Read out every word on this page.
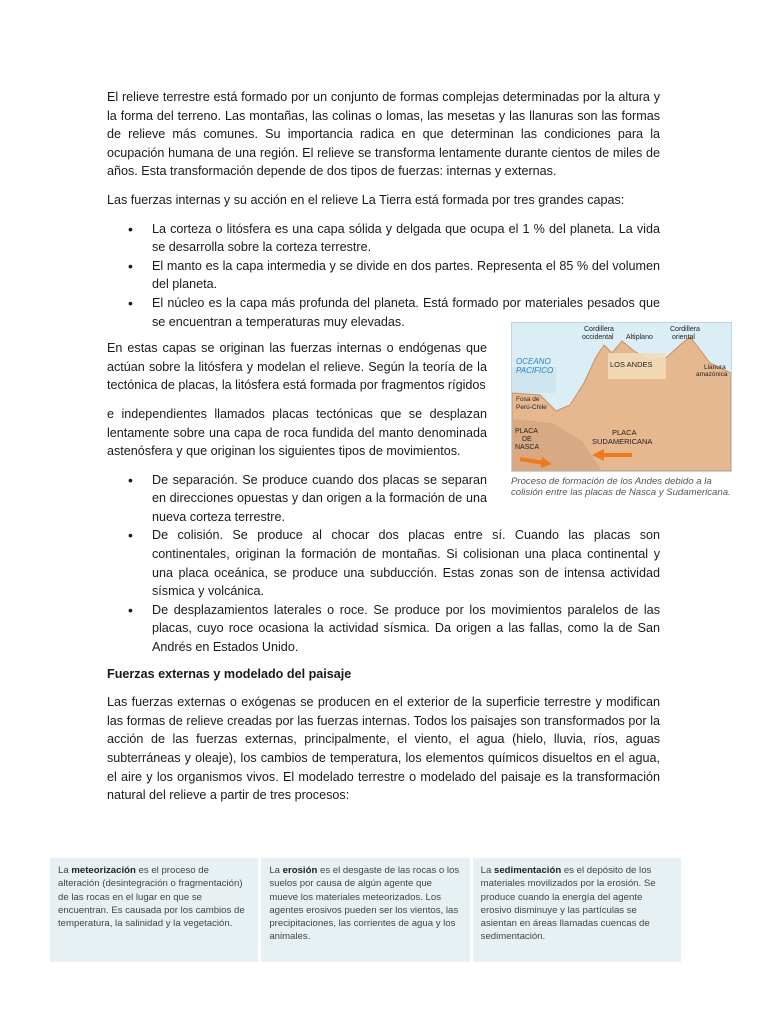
El relieve terrestre está formado por un conjunto de formas complejas determinadas por la altura y la forma del terreno. Las montañas, las colinas o lomas, las mesetas y las llanuras son las formas de relieve más comunes. Su importancia radica en que determinan las condiciones para la ocupación humana de una región. El relieve se transforma lentamente durante cientos de miles de años. Esta transformación depende de dos tipos de fuerzas: internas y externas.

Las fuerzas internas y su acción en el relieve La Tierra está formada por tres grandes capas:

• La corteza o litósfera es una capa sólida y delgada que ocupa el 1 % del planeta. La vida se desarrolla sobre la corteza terrestre.
• El manto es la capa intermedia y se divide en dos partes. Representa el 85 % del volumen del planeta.
• El núcleo es la capa más profunda del planeta. Está formado por materiales pesados que se encuentran a temperaturas muy elevadas.

En estas capas se originan las fuerzas internas o endógenas que actúan sobre la litósfera y modelan el relieve. Según la teoría de la tectónica de placas, la litósfera está formada por fragmentos rígidos

e independientes llamados placas tectónicas que se desplazan lentamente sobre una capa de roca fundida del manto denominada astenósfera y que originan los siguientes tipos de movimientos.

• De separación. Se produce cuando dos placas se separan en direcciones opuestas y dan origen a la formación de una nueva corteza terrestre.
• De colisión. Se produce al chocar dos placas entre sí. Cuando las placas son continentales, originan la formación de montañas. Si colisionan una placa continental y una placa oceánica, se produce una subducción. Estas zonas son de intensa actividad sísmica y volcánica.
• De desplazamientos laterales o roce. Se produce por los movimientos paralelos de las placas, cuyo roce ocasiona la actividad sísmica. Da origen a las fallas, como la de San Andrés en Estados Unido.

Fuerzas externas y modelado del paisaje

Las fuerzas externas o exógenas se producen en el exterior de la superficie terrestre y modifican las formas de relieve creadas por las fuerzas internas. Todos los paisajes son transformados por la acción de las fuerzas externas, principalmente, el viento, el agua (hielo, lluvia, ríos, aguas subterráneas y oleaje), los cambios de temperatura, los elementos químicos disueltos en el agua, el aire y los organismos vivos. El modelado terrestre o modelado del paisaje es la transformación natural del relieve a partir de tres procesos:

Cordillera
occidental Altiplano
Cordillera
oriental
OCEANO
PACIFICO
LOS ANDES	Llanura
amazónica
Fosa de
Perú-Chile
PLACA
DE
NASCA
PLACA
SUDAMERICANA
Proceso de formación de los Andes debido a la colisión entre las placas de Nasca y Sudamericana.
La meteorización es el proceso de alteración (desintegración o fragmentación) de las rocas en el lugar en que se encuentran. Es causada por los cambios de temperatura, la salinidad y la vegetación.
La erosión es el desgaste de las rocas o los suelos por causa de algún agente que mueve los materiales meteorizados. Los agentes erosivos pueden ser los vientos, las precipitaciones, las corrientes de agua y los animales.
La sedimentación es el depósito de los materiales movilizados por la erosión. Se produce cuando la energía del agente erosivo disminuye y las partículas se asientan en áreas llamadas cuencas de sedimentación.
